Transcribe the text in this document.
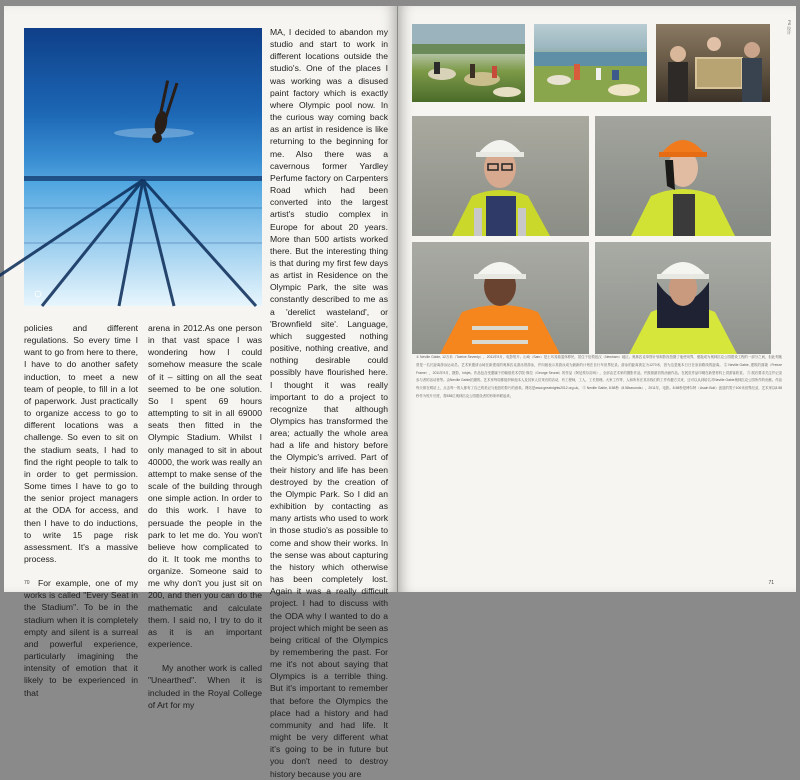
MA, I decided to abandon my studio and start to work in different locations outside the studio's. One of the places I was working was a disused paint factory which is exactly where Olympic pool now. In the curious way coming back as an artist in residence is like returning to the beginning for me. Also there was a cavernous former Yardley Perfume factory on Carpenters Road which had been converted into the largest artist's studio complex in Europe for about 20 years. More than 500 artists worked there. But the interesting thing is that during my first few days as artist in Residence on the Olympic Park, the site was constantly described to me as a 'derelict wasteland', or 'Brownfield site'. Language, which suggested nothing positive, nothing creative, and nothing desirable could possibly have flourished here. I thought it was really important to do a project to recognize that although Olympics has transformed the area; actually the whole area had a life and history before the Olympic's arrived. Part of their history and life has been destroyed by the creation of the Olympic Park. So I did an exhibition by contacting as many artists who used to work in those studio's as possible to come and show their works. In the sense was about capturing the history which otherwise has been completely lost. Again it was a really difficult project. I had to discuss with the ODA why I wanted to do a project which might be seen as being critical of the Olympics by remembering the past. For me it's not about saying that Olympics is a terrible thing. But it's important to remember that before the Olympics the place had a history and had community and had life. It might be very different what it's going to be in future but you don't need to destroy history because you are

policies and different regulations. So every time I want to go from here to there, I have to do another safety induction, to meet a new team of people, to fill in a lot of paperwork. Just practically to organize access to go to different locations was a challenge. So even to sit on the stadium seats, I had to find the right people to talk to in order to get permission. Some times I have to go to the senior project managers at the ODA for access, and then I have to do inductions, to write 15 page risk assessment. It's a massive process.

For example, one of my works is called "Every Seat in the Stadium". To be in the stadium when it is completely empty and silent is a surreal and powerful experience, particularly imagining the intensity of emotion that it likely to be experienced in that

arena in 2012.As one person in that vast space I was wondering how I could somehow measure the scale of it – sitting on all the seat seemed to be one solution. So I spent 69 hours attempting to sit in all 69000 seats then fitted in the Olympic Stadium. Whilst I only managed to sit in about 40000, the work was really an attempt to make sense of the scale of the building through one simple action. In order to do this work. I have to persuade the people in the park to let me do. You won't believe how complicated to do it. It took me months to organize. Someone said to me why don't you just sit on 200, and then you can do the mathematic and calculate them. I said no, I try to do it as it is an important experience.

My another work is called "Unearthed". When it is included in the Royal College of Art for my

70
PS 设计

① Neville Gabie, 12万米（Twelve Seventy），2011年9月，电影短片。山崎（Sam）是土耳其裔退休移民，居住于伦敦纽汉（Newham）地区。奥林匹克草图计划和影视拍摄了他使用界，便拖成为奥林匹克公园建设工程的一部分之间，但此刻她曾是一名长距离游泳运动员。艺术家邀请山崎在新建成的奥林匹克游泳馆游泳，并向她表示其游泳成为最新的计划在自行车世界纪录。游泳的距离被定为1270米，因为这是她本日日在泉前路线的距离。 ② Neville Gabie, 建筑的面貌（Freeze Frame），2011年9月，摄影，Inkjet。作品包含受邀属于伯翰基美术学院·修拉（George Seurat）的作品《阿尼埃尔浴场》，全部由艺术家的摄影作品，并鼓励最初的油画作品。在展览作品印刷在新型材料上供游客欣赏。 ③ 展后要求关注并记录参与者的活动者等。由Neville Gabie拍摄的。艺术家每周都组织和他本人及其家人们采访的活动，有工程师，工人，工长管理。大家工作等，人和所有在其乐线们的工作有趣方式来，还可以从到给名对Neville Gabie奥林匹克公园所作的贡献。作品每天都在网站上，点击每一的人都有了自己的美记与他拍的影片的意象。网站是www.greatnights2012.org.uk。 ④ Neville Gabie, 8.58秒（8.58seconds），2011年，电影。8.58秒是博尔特（Usain Bolt）创造的男子100米世界纪录，艺术家以8.58秒作为短片长度，将538位奥林匹克公园建设者的形象串联起来。

71
